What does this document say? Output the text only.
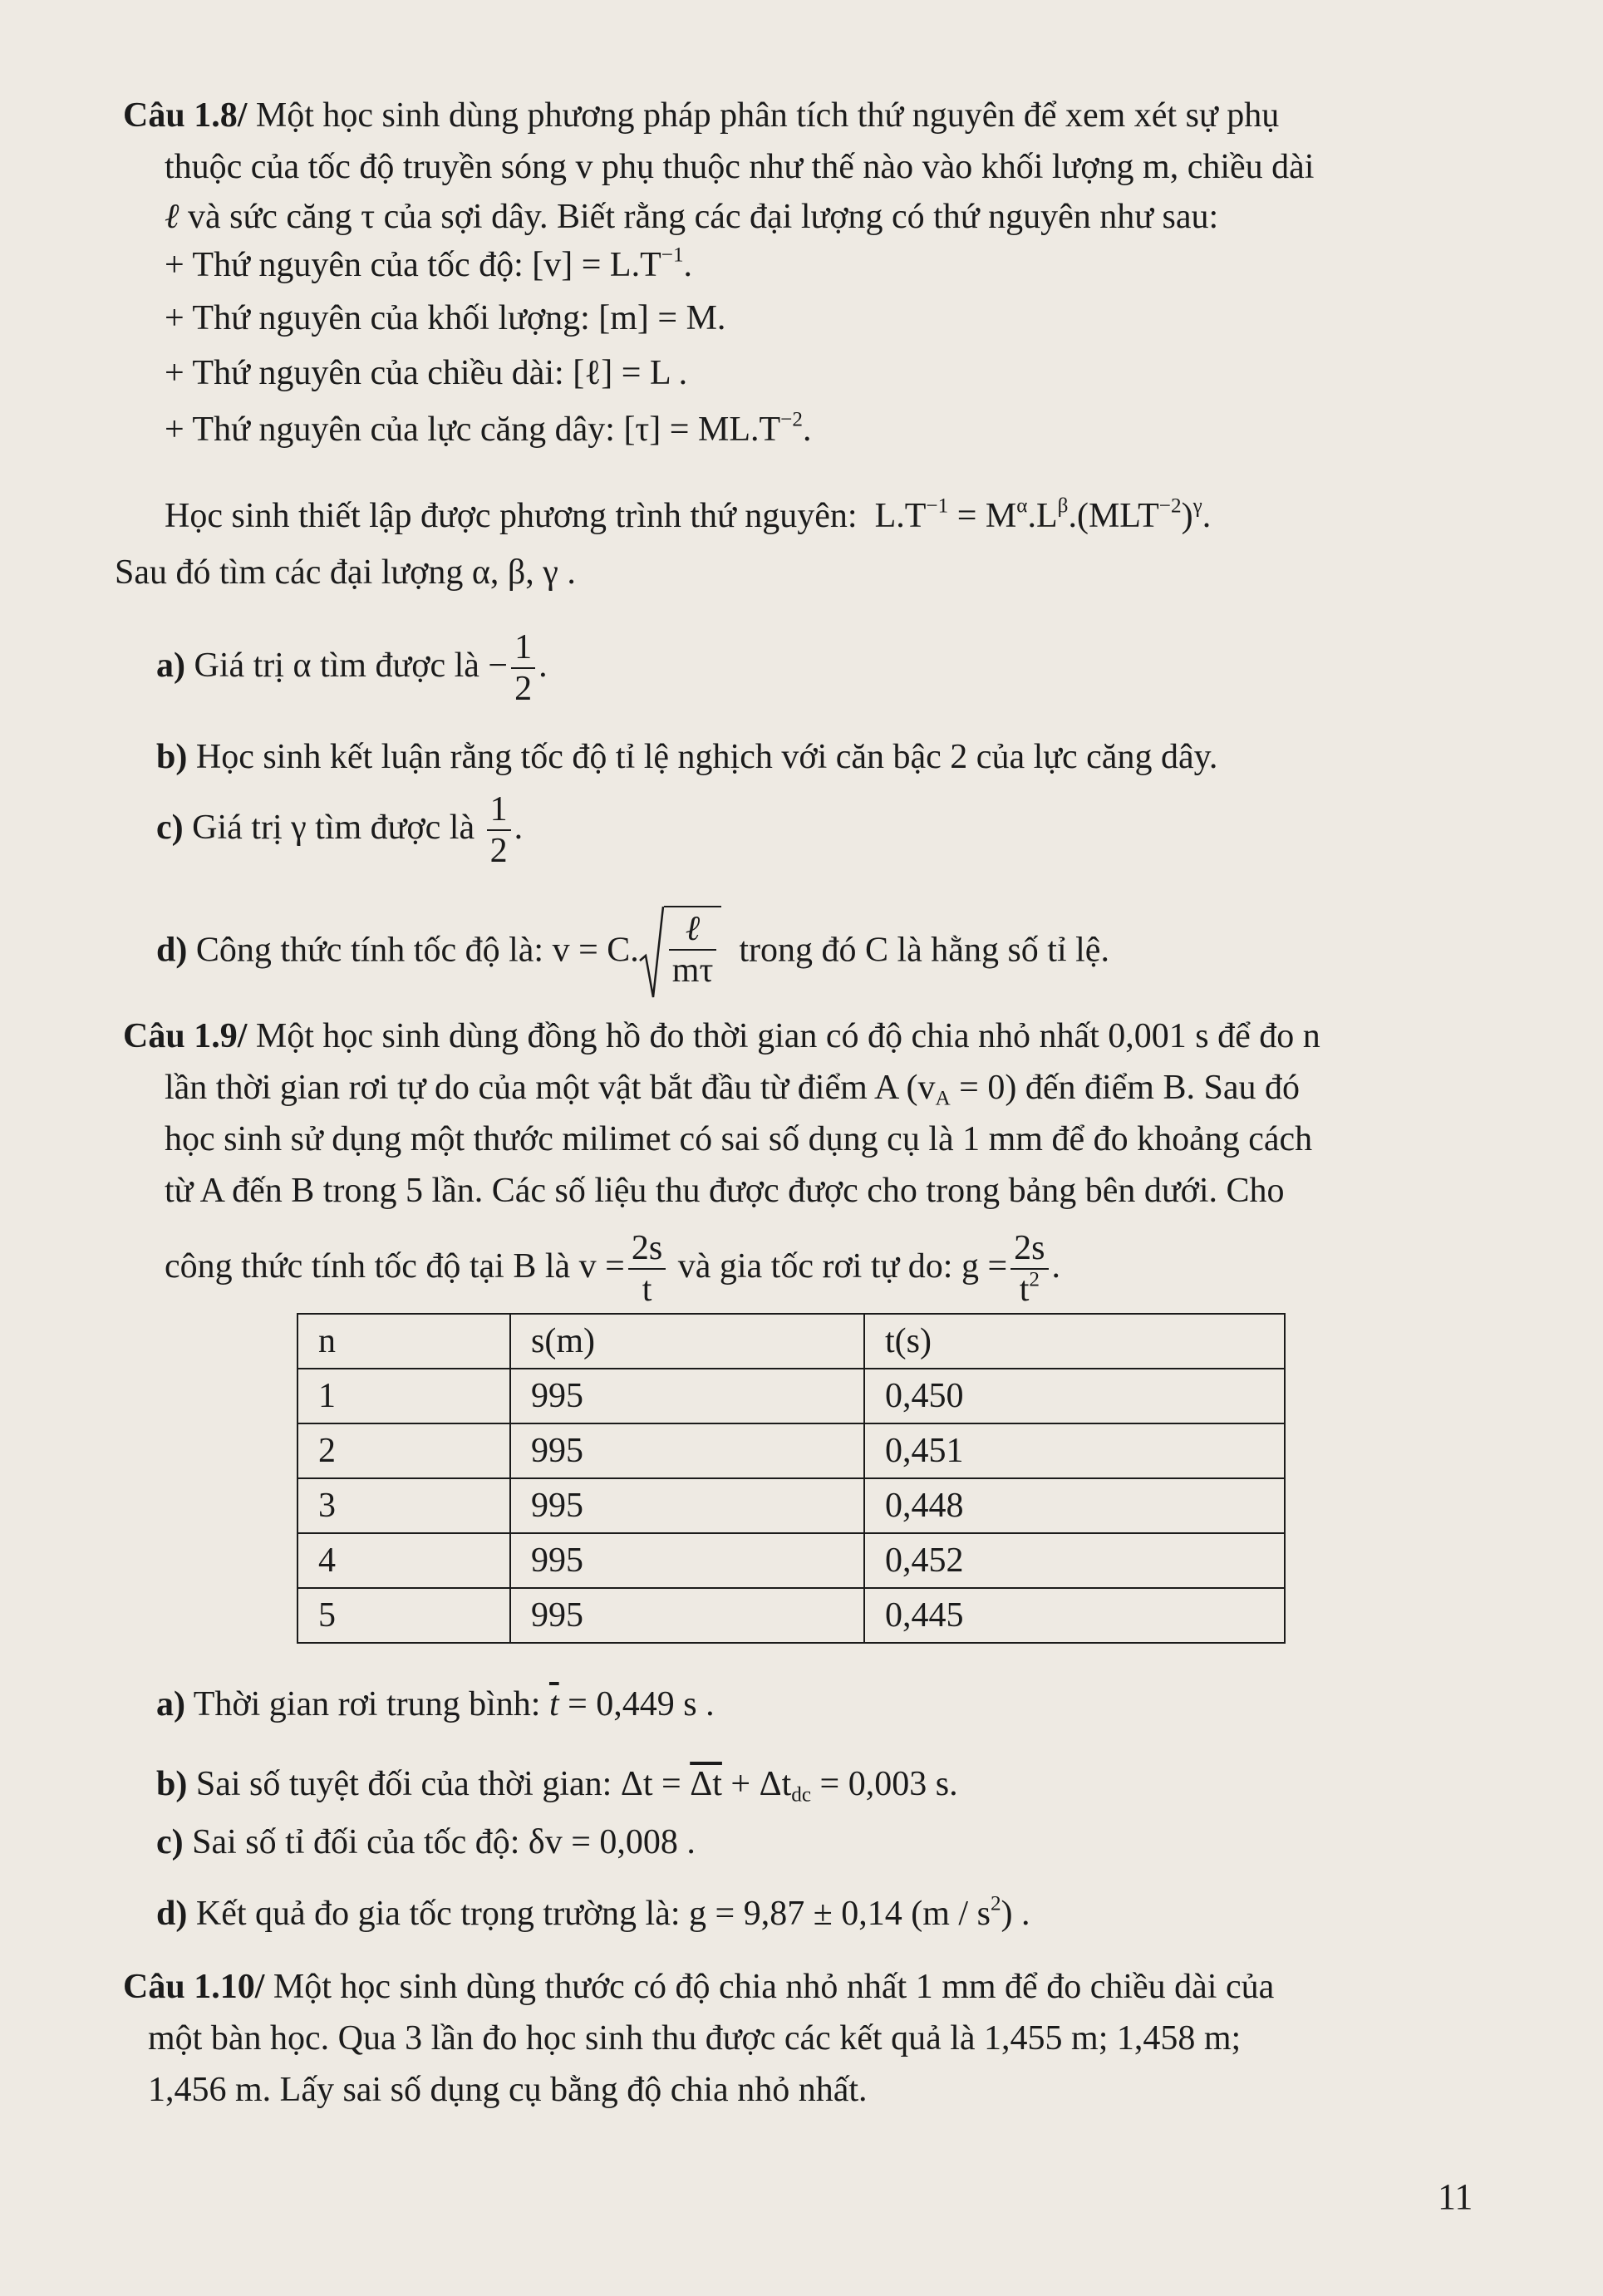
Câu 1.8/ Một học sinh dùng phương pháp phân tích thứ nguyên để xem xét sự phụ
thuộc của tốc độ truyền sóng v phụ thuộc như thế nào vào khối lượng m, chiều dài
ℓ và sức căng τ của sợi dây. Biết rằng các đại lượng có thứ nguyên như sau:
+ Thứ nguyên của tốc độ: $[v] = L.T^{-1}$.
+ Thứ nguyên của khối lượng: [m] = M.
+ Thứ nguyên của chiều dài: [ℓ] = L .
+ Thứ nguyên của lực căng dây: $[\tau] = ML.T^{-2}$.
Học sinh thiết lập được phương trình thứ nguyên: $L.T^{-1} = M^\alpha.L^\beta.(MLT^{-2})^\gamma$.
Sau đó tìm các đại lượng α, β, γ .
a) Giá trị α tìm được là − $\frac{1}{2}$ .
b) Học sinh kết luận rằng tốc độ tỉ lệ nghịch với căn bậc 2 của lực căng dây.
c) Giá trị γ tìm được là $\frac{1}{2}$ .
d) Công thức tính tốc độ là: v = C. $\frac{\text{ℓ}}{m\tau}$ trong đó C là hằng số tỉ lệ.
Câu 1.9/ Một học sinh dùng đồng hồ đo thời gian có độ chia nhỏ nhất 0,001 s để đo n
lần thời gian rơi tự do của một vật bắt đầu từ điểm A $(v_A = 0)$ đến điểm B. Sau đó
học sinh sử dụng một thước milimet có sai số dụng cụ là 1 mm để đo khoảng cách
từ A đến B trong 5 lần. Các số liệu thu được được cho trong bảng bên dưới. Cho
công thức tính tốc độ tại B là $v = \frac{2s}{t}$ và gia tốc rơi tự do: $g = \frac{2s}{t^2}$ .
n	s(m)	t(s)
1	995	0,450
2	995	0,451
3	995	0,448
4	995	0,452
5	995	0,445
a) Thời gian rơi trung bình: $\overline{t} = 0,449$ s .
b) Sai số tuyệt đối của thời gian: $\Delta t = \overline{\Delta t} + \Delta t_{dc} = 0,003$ s.
c) Sai số tỉ đối của tốc độ: δv = 0,008 .
d) Kết quả đo gia tốc trọng trường là: g = 9,87 ± 0,14 $(m / s^2)$ .
Câu 1.10/ Một học sinh dùng thước có độ chia nhỏ nhất 1 mm để đo chiều dài của
một bàn học. Qua 3 lần đo học sinh thu được các kết quả là 1,455 m; 1,458 m;
1,456 m. Lấy sai số dụng cụ bằng độ chia nhỏ nhất.
11
